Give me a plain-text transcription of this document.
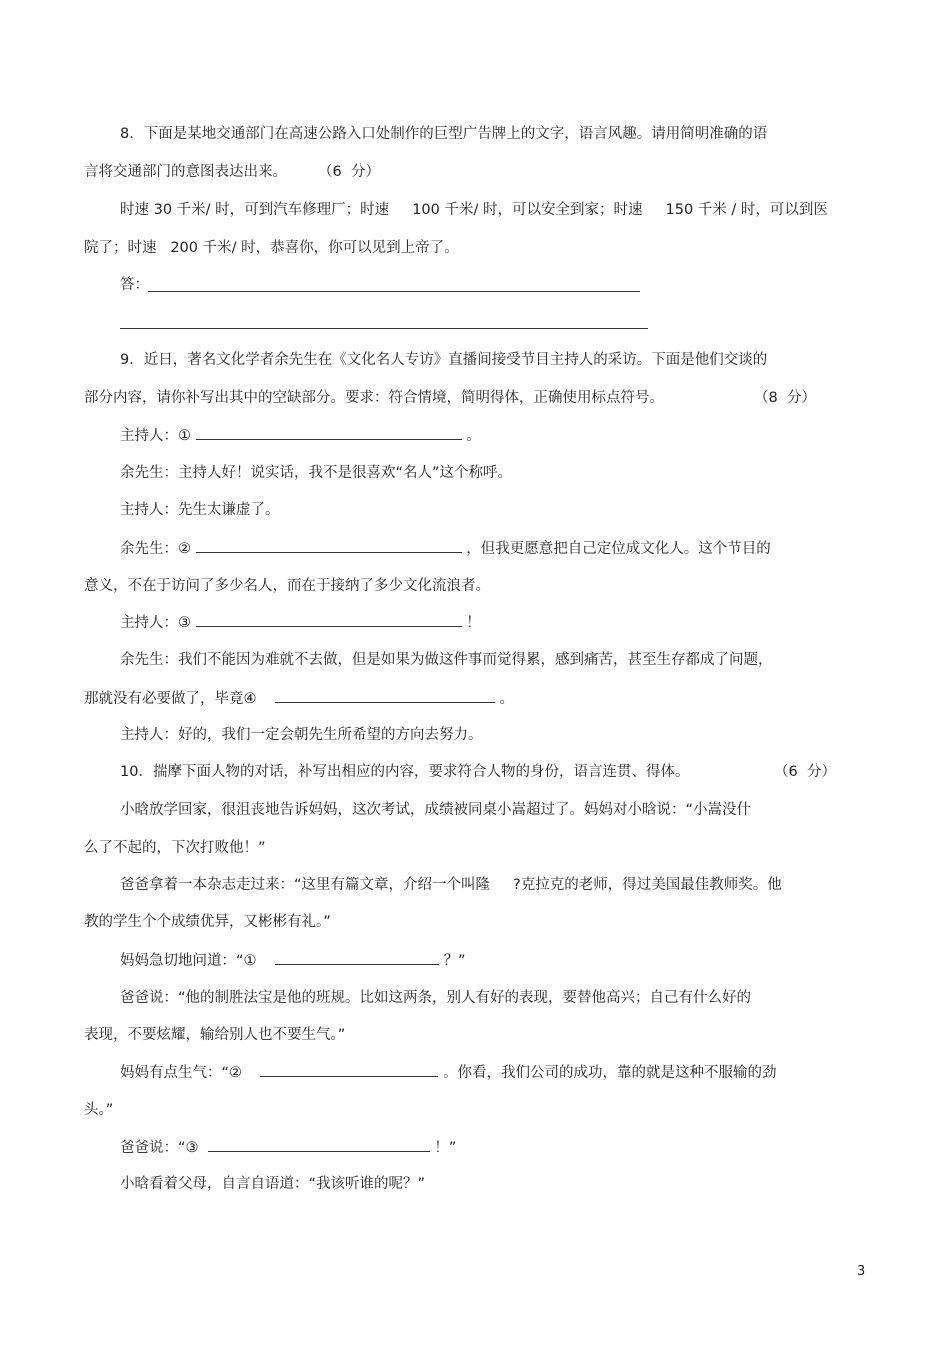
8．下面是某地交通部门在高速公路入口处制作的巨型广告牌上的文字，语言风趣。请用简明准确的语
言将交通部门的意图表达出来。 （6  分）
时速 30 千米/ 时，可到汽车修理厂；时速     100 千米/ 时，可以安全到家；时速     150 千米 / 时，可以到医
院了；时速   200 千米/ 时，恭喜你，你可以见到上帝了。
答：
9．近日，著名文化学者余先生在《文化名人专访》直播间接受节目主持人的采访。下面是他们交谈的
部分内容，请你补写出其中的空缺部分。要求：符合情境，简明得体，正确使用标点符号。	（8  分）
主持人：①	。
余先生：主持人好！说实话，我不是很喜欢“名人”这个称呼。
主持人：先生太谦虚了。
余先生：②	，但我更愿意把自己定位成文化人。这个节目的
意义，不在于访问了多少名人，而在于接纳了多少文化流浪者。
主持人：③	！
余先生：我们不能因为难就不去做，但是如果为做这件事而觉得累，感到痛苦，甚至生存都成了问题，
那就没有必要做了，毕竟④	。
主持人：好的，我们一定会朝先生所希望的方向去努力。
10．揣摩下面人物的对话，补写出相应的内容，要求符合人物的身份，语言连贯、得体。	（6  分）
小晗放学回家，很沮丧地告诉妈妈，这次考试，成绩被同桌小嵩超过了。妈妈对小晗说：“小嵩没什
么了不起的，下次打败他！”
爸爸拿着一本杂志走过来：“这里有篇文章，介绍一个叫隆     ?克拉克的老师，得过美国最佳教师奖。他
教的学生个个成绩优异，又彬彬有礼。”
妈妈急切地问道：“①	？”
爸爸说：“他的制胜法宝是他的班规。比如这两条，别人有好的表现，要替他高兴；自己有什么好的
表现，不要炫耀，输给别人也不要生气。”
妈妈有点生气：“②	。你看，我们公司的成功，靠的就是这种不服输的劲
头。”
爸爸说：“③	！”
小晗看着父母，自言自语道：“我该听谁的呢？”
3
